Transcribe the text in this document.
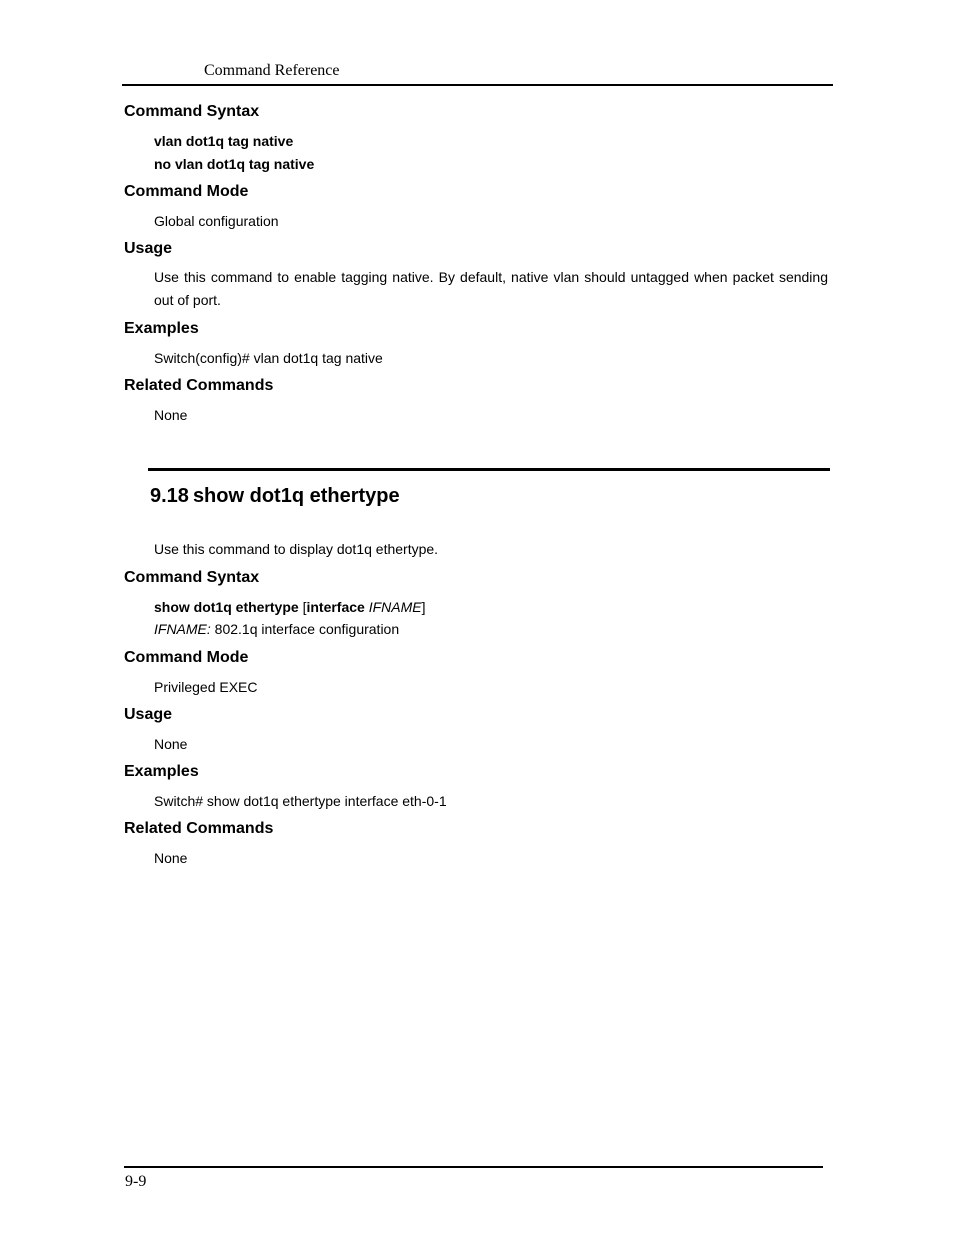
Command Reference

Command Syntax

vlan dot1q tag native

no vlan dot1q tag native

Command Mode

Global configuration

Usage

Use this command to enable tagging native. By default, native vlan should untagged when packet sending out of port.

Examples

Switch(config)# vlan dot1q tag native

Related Commands

None

9.18 show dot1q ethertype

Use this command to display dot1q ethertype.

Command Syntax

show dot1q ethertype [interface IFNAME]

IFNAME: 802.1q interface configuration

Command Mode

Privileged EXEC

Usage

None

Examples

Switch# show dot1q ethertype interface eth-0-1

Related Commands

None

9-9
